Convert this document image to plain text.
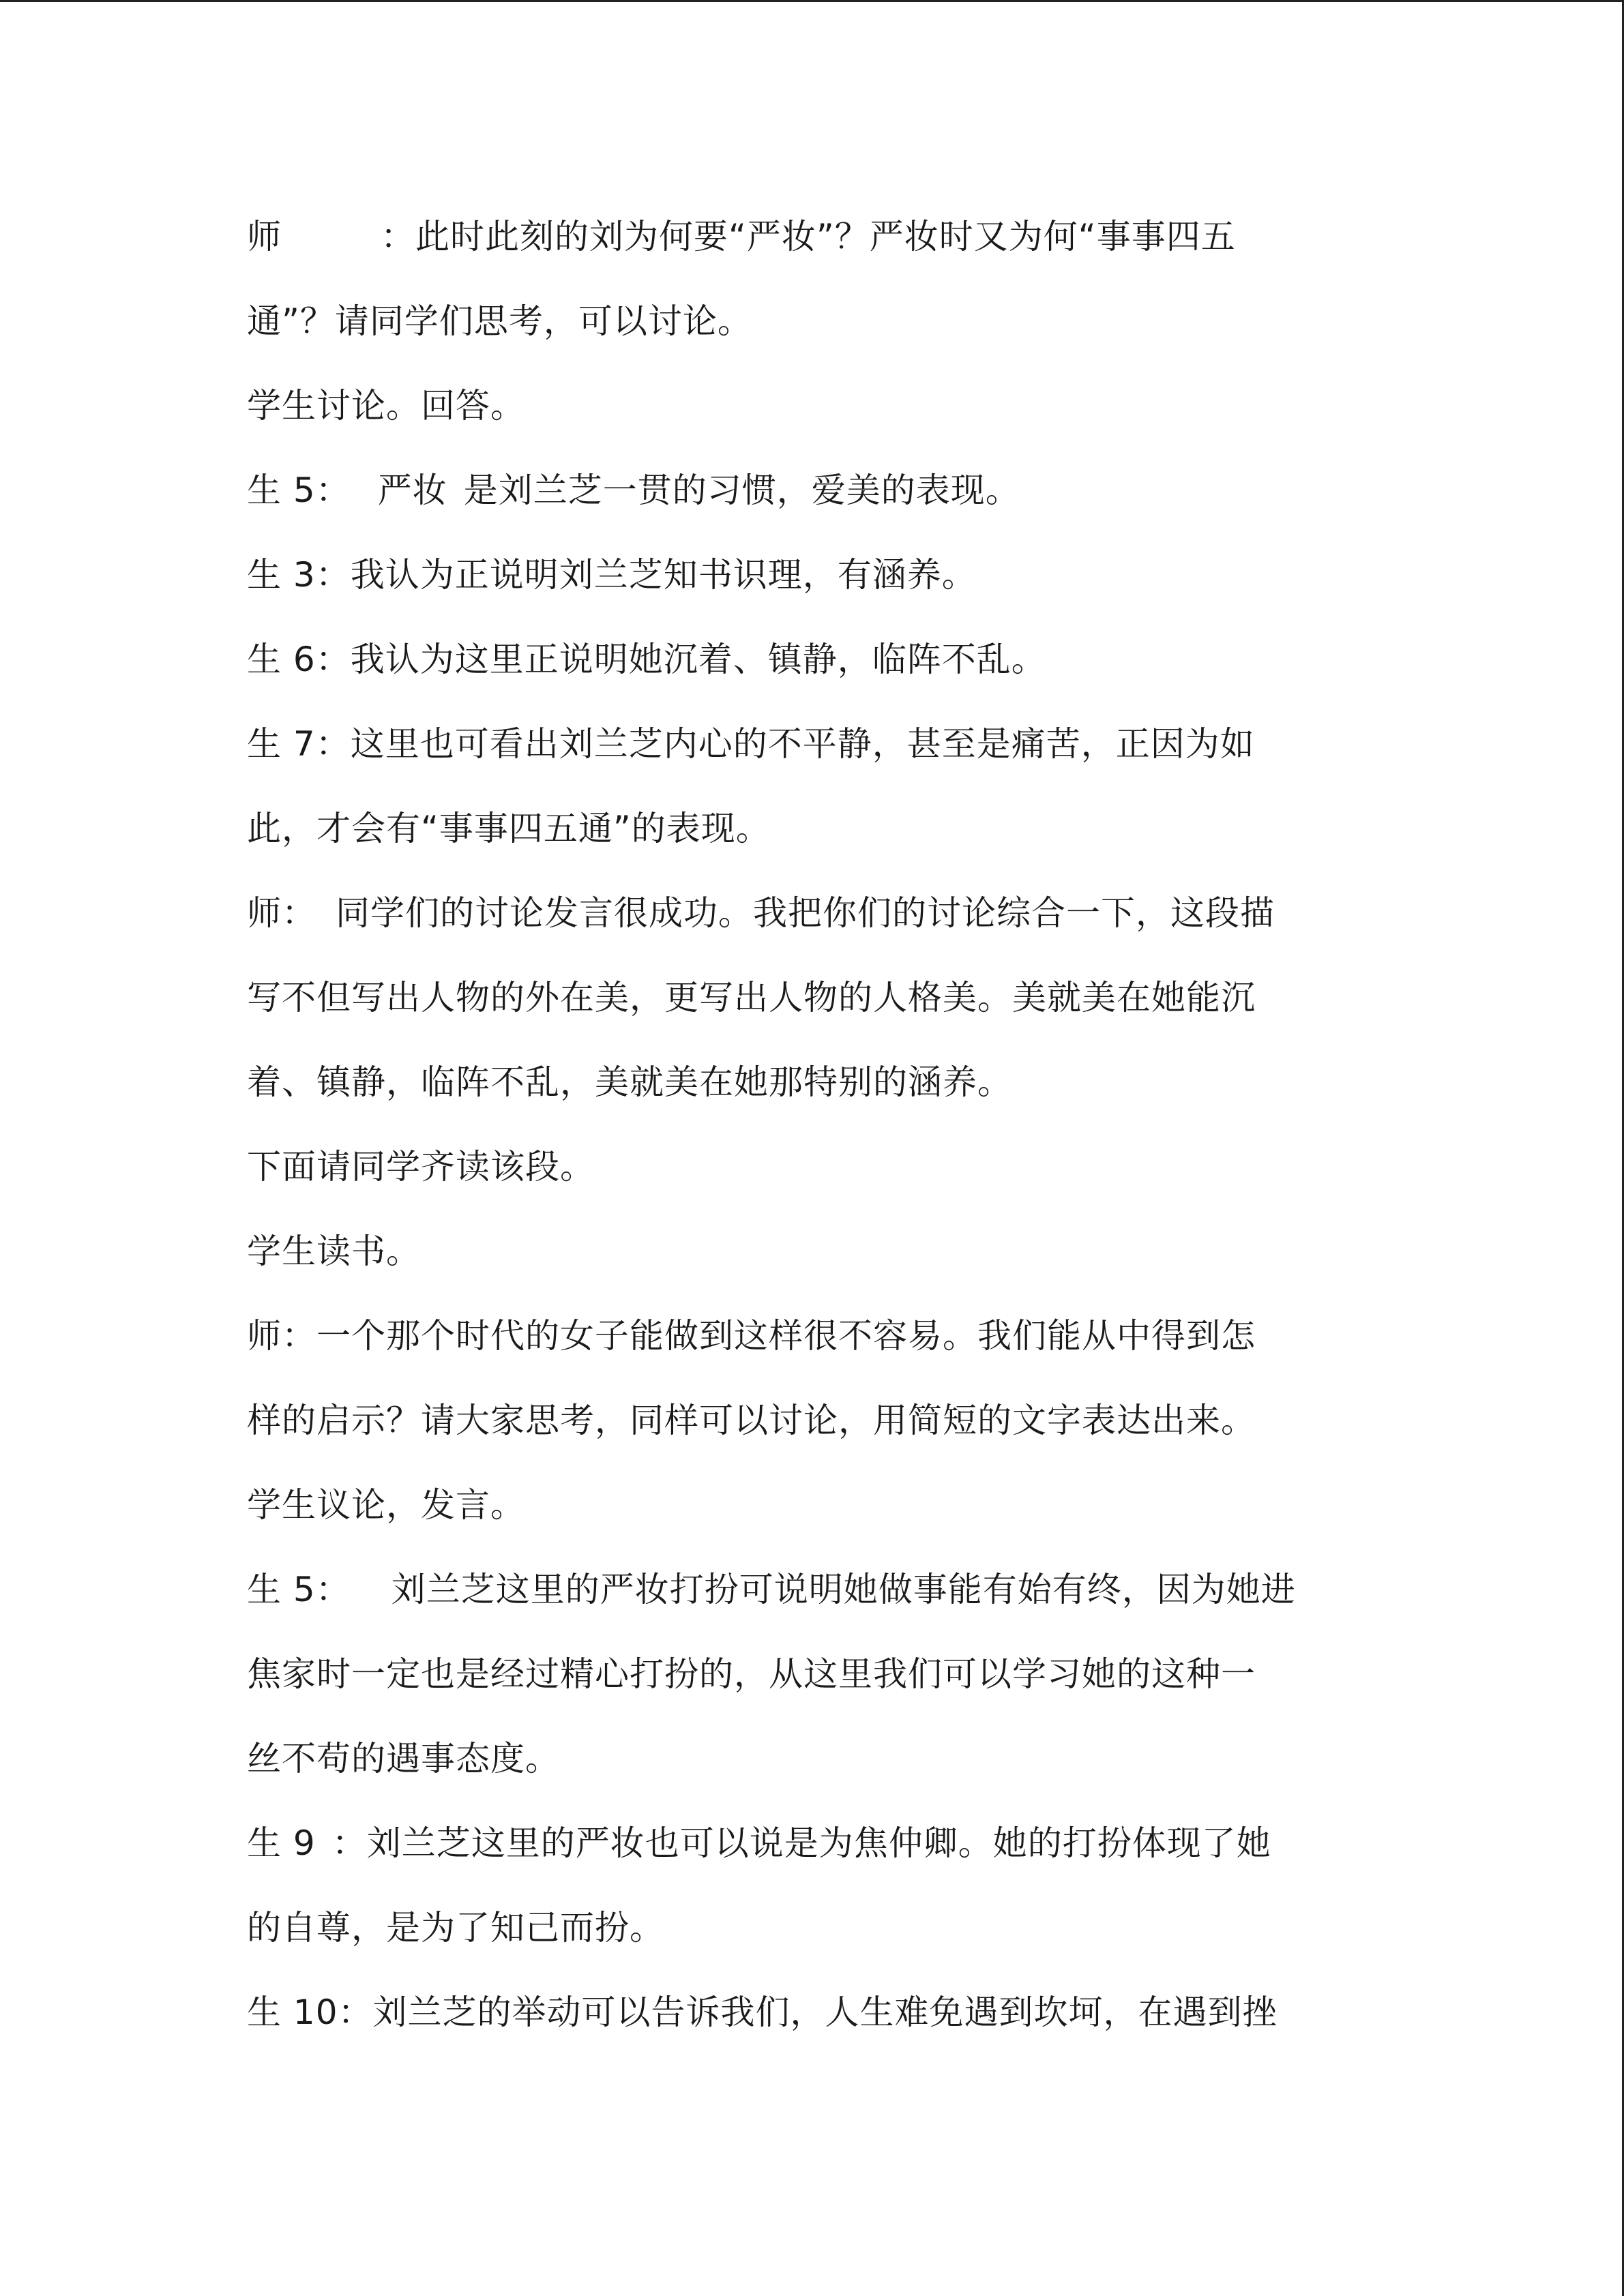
师	：此时此刻的刘为何要“严妆”？严妆时又为何“事事四五
通”？请同学们思考，可以讨论。
学生讨论。回答。
生 5： 严妆 是刘兰芝一贯的习惯，爱美的表现。
生 3：我认为正说明刘兰芝知书识理，有涵养。
生 6：我认为这里正说明她沉着、镇静，临阵不乱。
生 7：这里也可看出刘兰芝内心的不平静，甚至是痛苦，正因为如
此，才会有“事事四五通”的表现。
师： 同学们的讨论发言很成功。我把你们的讨论综合一下，这段描
写不但写出人物的外在美，更写出人物的人格美。美就美在她能沉
着、镇静，临阵不乱，美就美在她那特别的涵养。
下面请同学齐读该段。
学生读书。
师：一个那个时代的女子能做到这样很不容易。我们能从中得到怎
样的启示？请大家思考，同样可以讨论，用简短的文字表达出来。
学生议论，发言。
生 5： 刘兰芝这里的严妆打扮可说明她做事能有始有终，因为她进
焦家时一定也是经过精心打扮的，从这里我们可以学习她的这种一
丝不苟的遇事态度。
生 9 ：刘兰芝这里的严妆也可以说是为焦仲卿。她的打扮体现了她
的自尊，是为了知己而扮。
生 10：刘兰芝的举动可以告诉我们，人生难免遇到坎坷，在遇到挫
